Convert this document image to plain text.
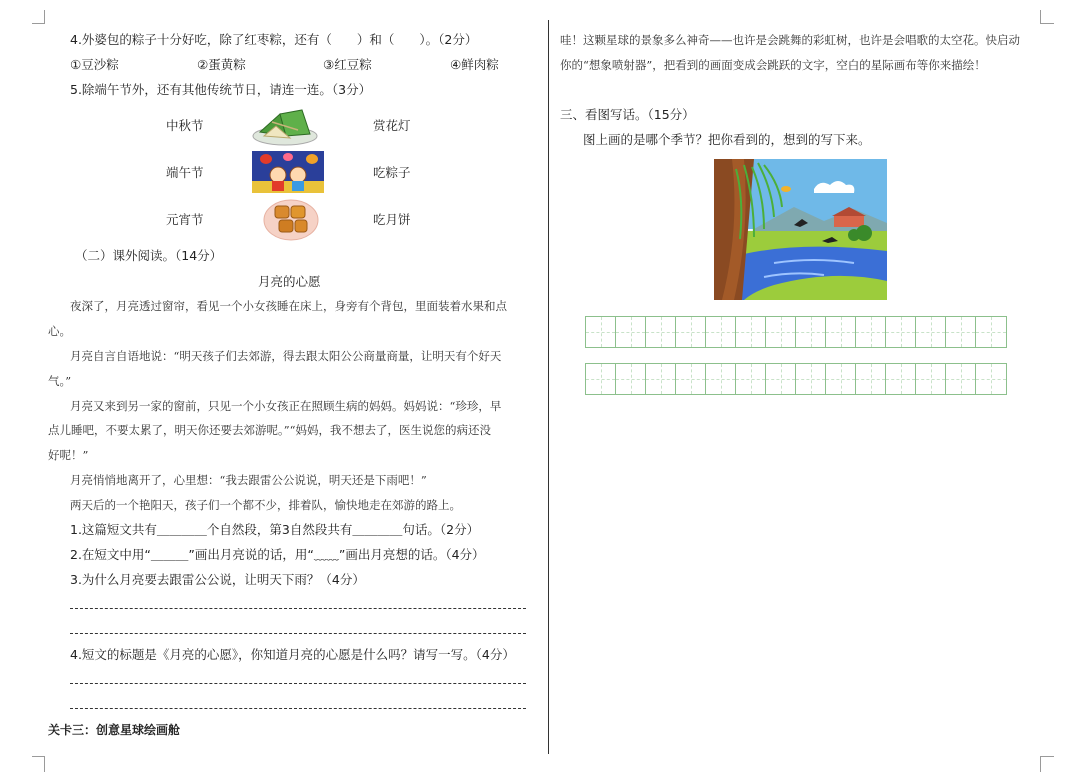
4.外婆包的粽子十分好吃，除了红枣粽，还有（　　）和（　　）。（2分）
①豆沙粽	②蛋黄粽	③红豆粽	④鲜肉粽
5.除端午节外，还有其他传统节日，请连一连。（3分）
中秋节
端午节
元宵节
赏花灯
吃粽子
吃月饼
（二）课外阅读。（14分）
月亮的心愿
夜深了，月亮透过窗帘，看见一个小女孩睡在床上，身旁有个背包，里面装着水果和点
心。
月亮自言自语地说：“明天孩子们去郊游，得去跟太阳公公商量商量，让明天有个好天
气。”
月亮又来到另一家的窗前，只见一个小女孩正在照顾生病的妈妈。妈妈说：“珍珍，早
点儿睡吧，不要太累了，明天你还要去郊游呢。”“妈妈，我不想去了，医生说您的病还没
好呢！”
月亮悄悄地离开了，心里想：“我去跟雷公公说说，明天还是下雨吧！”
两天后的一个艳阳天，孩子们一个都不少，排着队，愉快地走在郊游的路上。
1.这篇短文共有＿＿＿＿个自然段，第3自然段共有＿＿＿＿句话。（2分）
2.在短文中用“＿＿＿”画出月亮说的话，用“﹏﹏”画出月亮想的话。（4分）
3.为什么月亮要去跟雷公公说，让明天下雨？（4分）
4.短文的标题是《月亮的心愿》，你知道月亮的心愿是什么吗？请写一写。（4分）
关卡三：创意星球绘画舱
哇！这颗星球的景象多么神奇——也许是会跳舞的彩虹树，也许是会唱歌的太空花。快启动
你的“想象喷射器”，把看到的画面变成会跳跃的文字，空白的星际画布等你来描绘！
三、看图写话。（15分）
图上画的是哪个季节？把你看到的，想到的写下来。
